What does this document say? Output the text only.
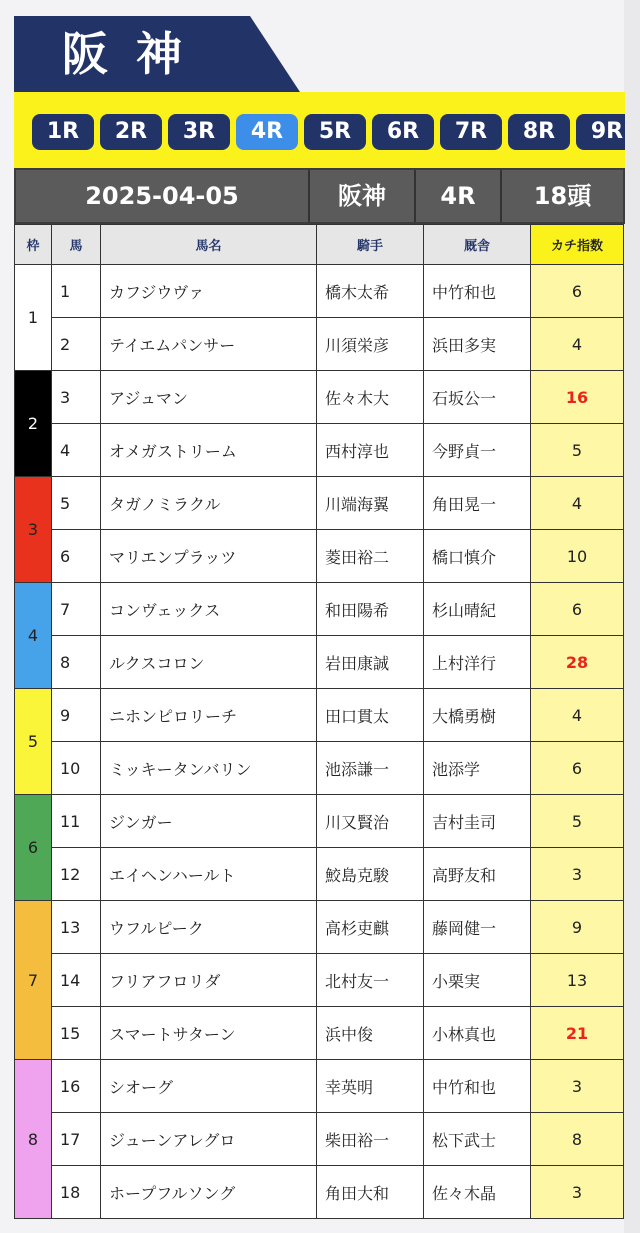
阪神
1R	2R	3R	4R	5R	6R	7R	8R	9R
2025-04-05	阪神	4R	18頭
枠	馬	馬名	騎手	厩舎	カチ指数
1	1	カフジウヴァ	橋木太希	中竹和也	6
	2	テイエムパンサー	川須栄彦	浜田多実	4
2	3	アジュマン	佐々木大	石坂公一	16
	4	オメガストリーム	西村淳也	今野貞一	5
3	5	タガノミラクル	川端海翼	角田晃一	4
	6	マリエンプラッツ	菱田裕二	橋口慎介	10
4	7	コンヴェックス	和田陽希	杉山晴紀	6
	8	ルクスコロン	岩田康誠	上村洋行	28
5	9	ニホンピロリーチ	田口貫太	大橋勇樹	4
	10	ミッキータンバリン	池添謙一	池添学	6
6	11	ジンガー	川又賢治	吉村圭司	5
	12	エイヘンハールト	鮫島克駿	高野友和	3
7	13	ウフルピーク	高杉吏麒	藤岡健一	9
	14	フリアフロリダ	北村友一	小栗実	13
	15	スマートサターン	浜中俊	小林真也	21
8	16	シオーグ	幸英明	中竹和也	3
	17	ジューンアレグロ	柴田裕一	松下武士	8
	18	ホープフルソング	角田大和	佐々木晶	3
